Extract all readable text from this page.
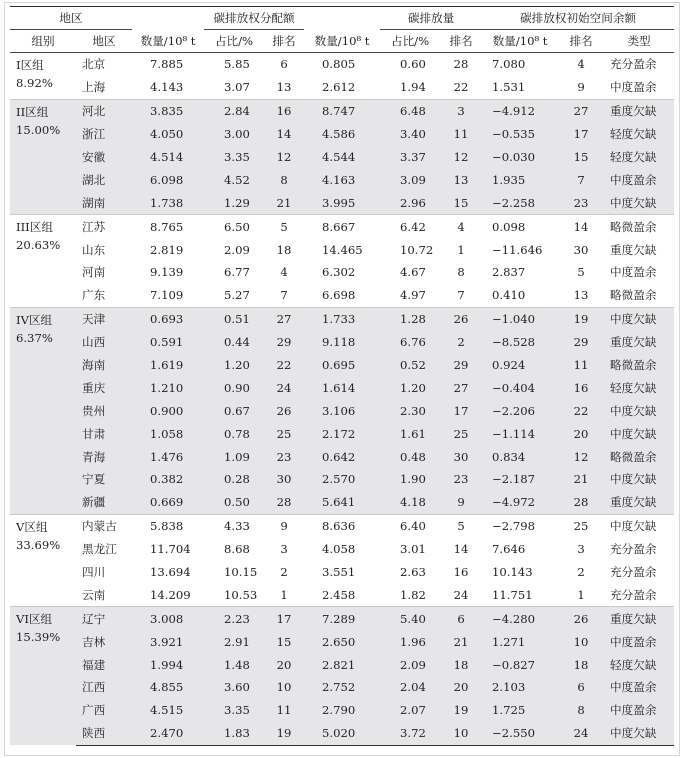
地区			碳排放权分配额			碳排放量		碳排放权初始空间余额		
组别	地区	数量/10⁸ t	占比/%	排名	数量/10⁸ t	占比/%	排名	数量/10⁸ t	排名	类型

I区组
8.92%	北京	7.885	5.85	6	0.805	0.60	28	7.080	4	充分盈余
	上海	4.143	3.07	13	2.612	1.94	22	1.531	9	中度盈余

II区组
15.00%	河北	3.835	2.84	16	8.747	6.48	3	−4.912	27	重度欠缺
	浙江	4.050	3.00	14	4.586	3.40	11	−0.535	17	轻度欠缺
	安徽	4.514	3.35	12	4.544	3.37	12	−0.030	15	轻度欠缺
	湖北	6.098	4.52	8	4.163	3.09	13	1.935	7	中度盈余
	湖南	1.738	1.29	21	3.995	2.96	15	−2.258	23	中度欠缺

III区组
20.63%	江苏	8.765	6.50	5	8.667	6.42	4	0.098	14	略微盈余
	山东	2.819	2.09	18	14.465	10.72	1	−11.646	30	重度欠缺
	河南	9.139	6.77	4	6.302	4.67	8	2.837	5	中度盈余
	广东	7.109	5.27	7	6.698	4.97	7	0.410	13	略微盈余

IV区组
6.37%	天津	0.693	0.51	27	1.733	1.28	26	−1.040	19	中度欠缺
	山西	0.591	0.44	29	9.118	6.76	2	−8.528	29	重度欠缺
	海南	1.619	1.20	22	0.695	0.52	29	0.924	11	略微盈余
	重庆	1.210	0.90	24	1.614	1.20	27	−0.404	16	轻度欠缺
	贵州	0.900	0.67	26	3.106	2.30	17	−2.206	22	中度欠缺
	甘肃	1.058	0.78	25	2.172	1.61	25	−1.114	20	中度欠缺
	青海	1.476	1.09	23	0.642	0.48	30	0.834	12	略微盈余
	宁夏	0.382	0.28	30	2.570	1.90	23	−2.187	21	中度欠缺
	新疆	0.669	0.50	28	5.641	4.18	9	−4.972	28	重度欠缺

V区组
33.69%	内蒙古	5.838	4.33	9	8.636	6.40	5	−2.798	25	中度欠缺
	黑龙江	11.704	8.68	3	4.058	3.01	14	7.646	3	充分盈余
	四川	13.694	10.15	2	3.551	2.63	16	10.143	2	充分盈余
	云南	14.209	10.53	1	2.458	1.82	24	11.751	1	充分盈余

VI区组
15.39%	辽宁	3.008	2.23	17	7.289	5.40	6	−4.280	26	重度欠缺
	吉林	3.921	2.91	15	2.650	1.96	21	1.271	10	中度盈余
	福建	1.994	1.48	20	2.821	2.09	18	−0.827	18	轻度欠缺
	江西	4.855	3.60	10	2.752	2.04	20	2.103	6	中度盈余
	广西	4.515	3.35	11	2.790	2.07	19	1.725	8	中度盈余
	陕西	2.470	1.83	19	5.020	3.72	10	−2.550	24	中度欠缺
